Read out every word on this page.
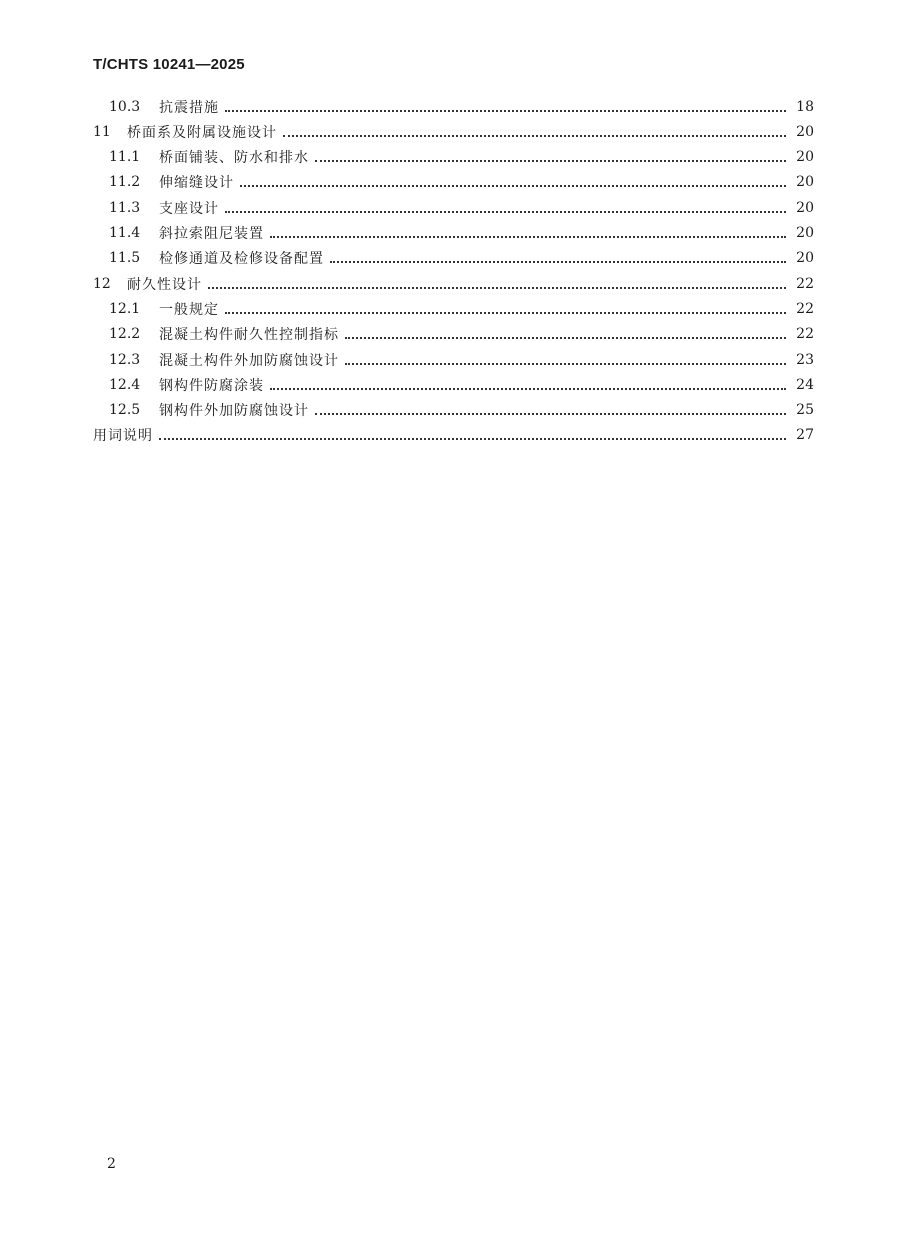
T/CHTS 10241—2025
10.3	抗震措施	18
11	桥面系及附属设施设计	20
11.1	桥面铺装、防水和排水	20
11.2	伸缩缝设计	20
11.3	支座设计	20
11.4	斜拉索阻尼装置	20
11.5	检修通道及检修设备配置	20
12	耐久性设计	22
12.1	一般规定	22
12.2	混凝土构件耐久性控制指标	22
12.3	混凝土构件外加防腐蚀设计	23
12.4	钢构件防腐涂装	24
12.5	钢构件外加防腐蚀设计	25
用词说明	27
2
